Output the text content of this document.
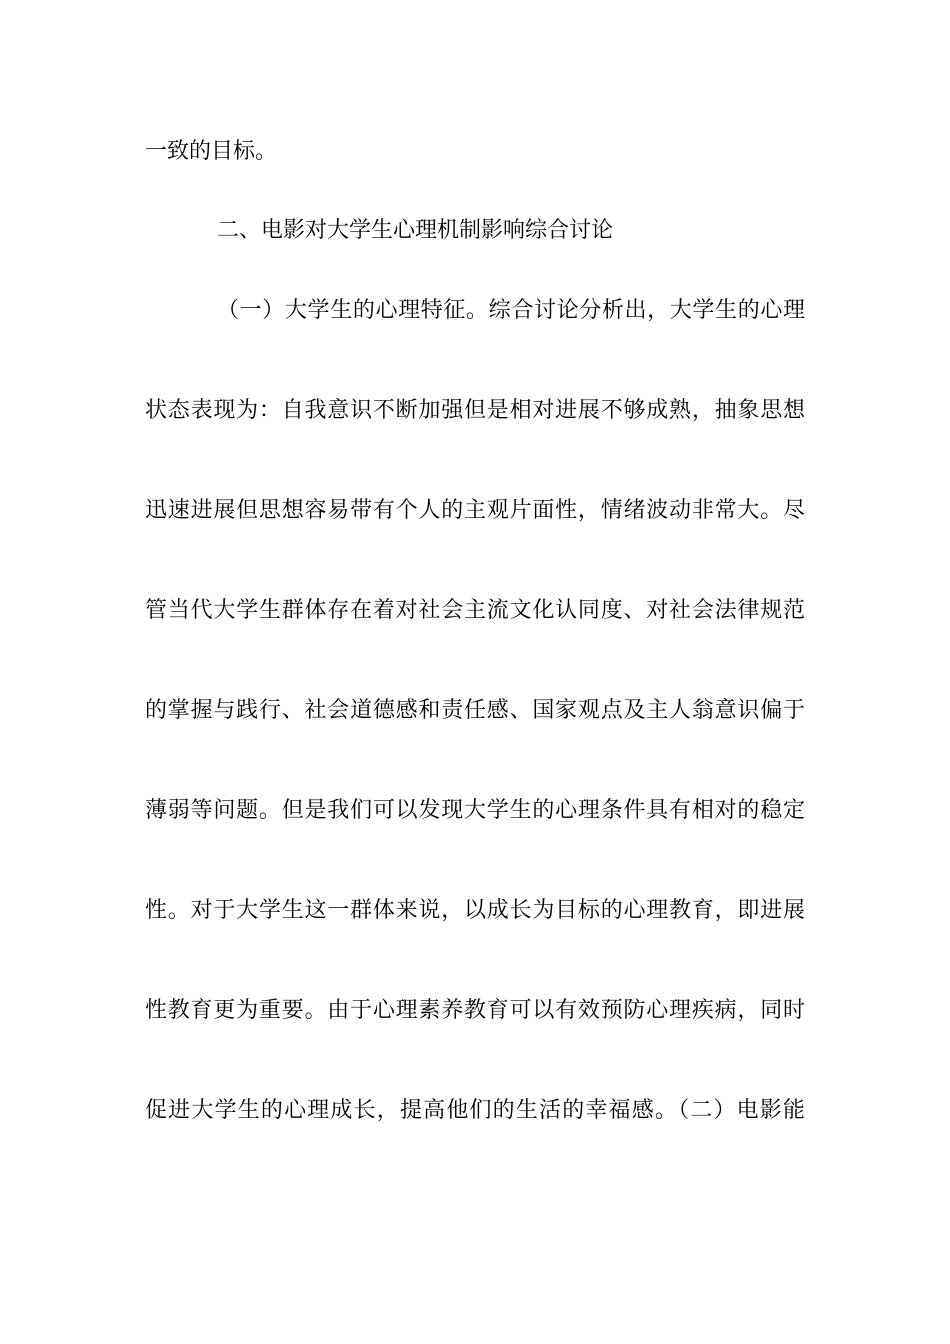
一致的目标。
二、电影对大学生心理机制影响综合讨论
（一）大学生的心理特征。综合讨论分析出，大学生的心理
状态表现为：自我意识不断加强但是相对进展不够成熟，抽象思想
迅速进展但思想容易带有个人的主观片面性，情绪波动非常大。尽
管当代大学生群体存在着对社会主流文化认同度、对社会法律规范
的掌握与践行、社会道德感和责任感、国家观点及主人翁意识偏于
薄弱等问题。但是我们可以发现大学生的心理条件具有相对的稳定
性。对于大学生这一群体来说，以成长为目标的心理教育，即进展
性教育更为重要。由于心理素养教育可以有效预防心理疾病，同时
促进大学生的心理成长，提高他们的生活的幸福感。（二）电影能
